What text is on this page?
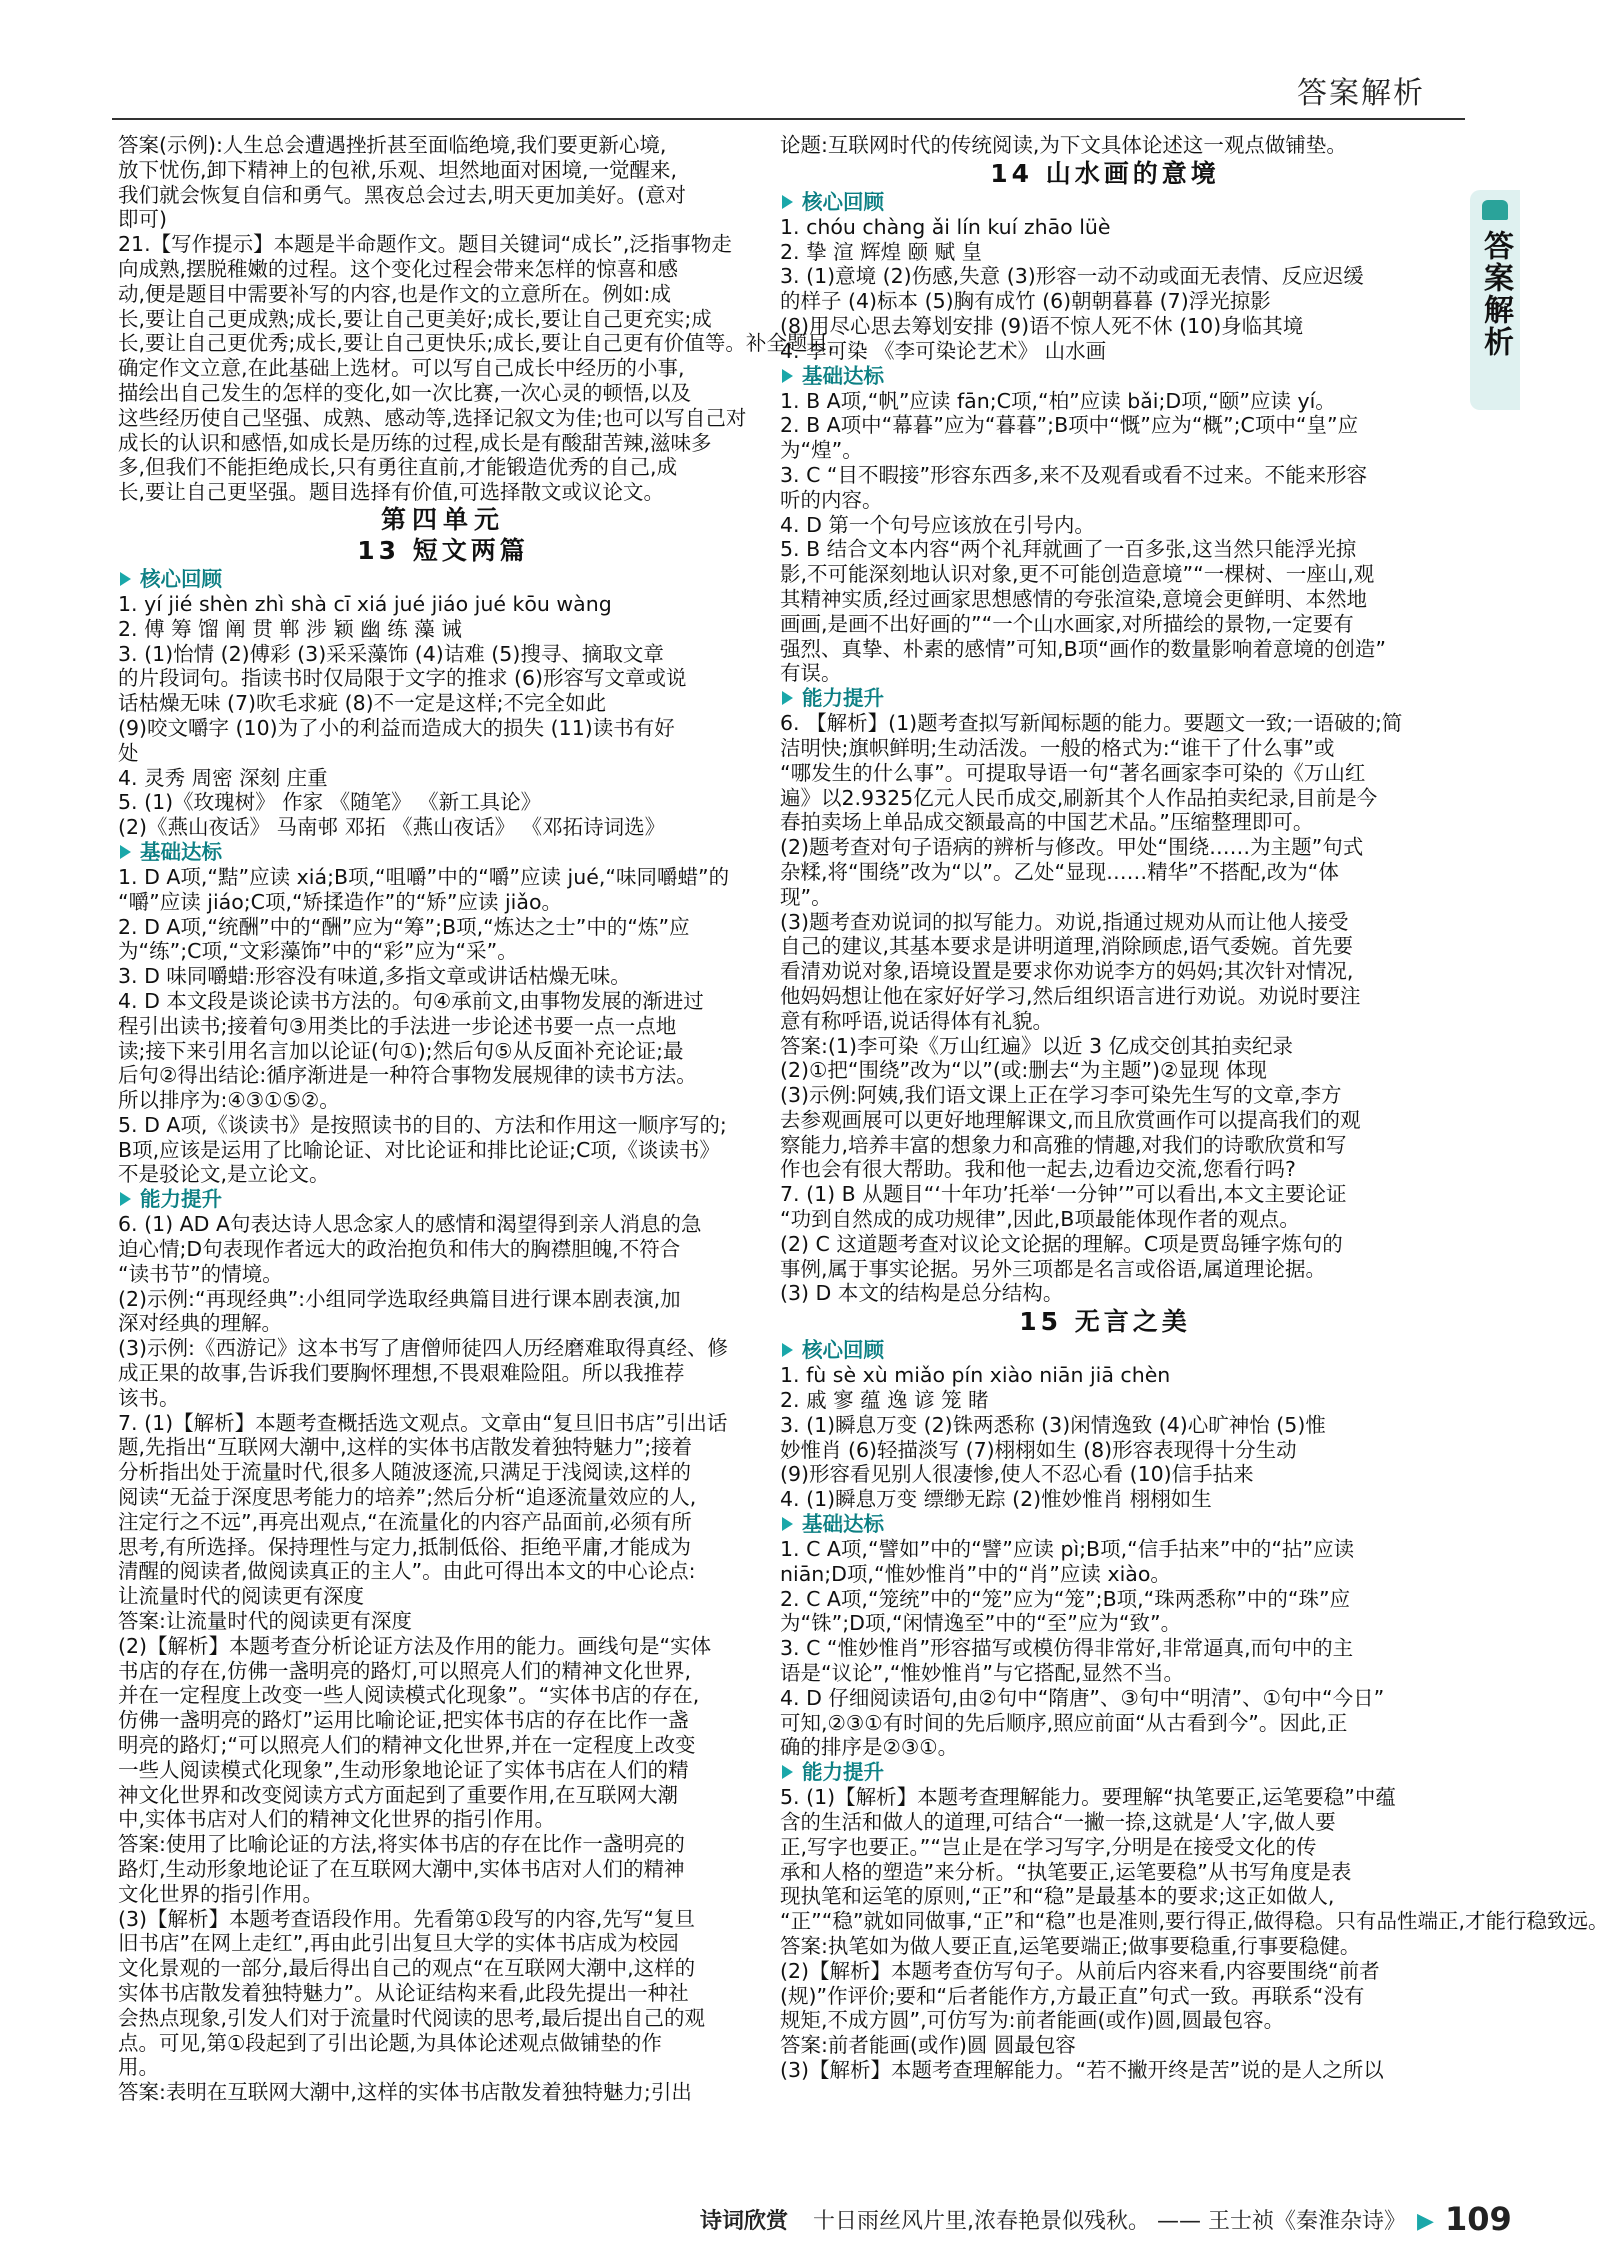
答案解析
答案解析
答案(示例):人生总会遭遇挫折甚至面临绝境,我们要更新心境,
放下忧伤,卸下精神上的包袱,乐观、坦然地面对困境,一觉醒来,
我们就会恢复自信和勇气。黑夜总会过去,明天更加美好。(意对
即可)
21.【写作提示】本题是半命题作文。题目关键词“成长”,泛指事物走
向成熟,摆脱稚嫩的过程。这个变化过程会带来怎样的惊喜和感
动,便是题目中需要补写的内容,也是作文的立意所在。例如:成
长,要让自己更成熟;成长,要让自己更美好;成长,要让自己更充实;成
长,要让自己更优秀;成长,要让自己更快乐;成长,要让自己更有价值等。补全题目,
确定作文立意,在此基础上选材。可以写自己成长中经历的小事,
描绘出自己发生的怎样的变化,如一次比赛,一次心灵的顿悟,以及
这些经历使自己坚强、成熟、感动等,选择记叙文为佳;也可以写自己对
成长的认识和感悟,如成长是历练的过程,成长是有酸甜苦辣,滋味多
多,但我们不能拒绝成长,只有勇往直前,才能锻造优秀的自己,成
长,要让自己更坚强。题目选择有价值,可选择散文或议论文。
第四单元
13 短文两篇
核心回顾
1. yí jié shèn zhì shà cī xiá jué jiáo jué kōu wàng
2. 傅 筹 馏 阐 贯 郸 涉 颖 幽 练 藻 诫
3. (1)怡情 (2)傅彩 (3)采采藻饰 (4)诘难 (5)搜寻、摘取文章
的片段词句。指读书时仅局限于文字的推求 (6)形容写文章或说
话枯燥无味 (7)吹毛求疵 (8)不一定是这样;不完全如此
(9)咬文嚼字 (10)为了小的利益而造成大的损失 (11)读书有好
处
4. 灵秀 周密 深刻 庄重
5. (1)《玫瑰树》 作家 《随笔》 《新工具论》
(2)《燕山夜话》 马南邨 邓拓 《燕山夜话》 《邓拓诗词选》
基础达标
1. D A项,“黠”应读 xiá;B项,“咀嚼”中的“嚼”应读 jué,“味同嚼蜡”的
“嚼”应读 jiáo;C项,“矫揉造作”的“矫”应读 jiǎo。
2. D A项,“统酬”中的“酬”应为“筹”;B项,“炼达之士”中的“炼”应
为“练”;C项,“文彩藻饰”中的“彩”应为“采”。
3. D 味同嚼蜡:形容没有味道,多指文章或讲话枯燥无味。
4. D 本文段是谈论读书方法的。句④承前文,由事物发展的渐进过
程引出读书;接着句③用类比的手法进一步论述书要一点一点地
读;接下来引用名言加以论证(句①);然后句⑤从反面补充论证;最
后句②得出结论:循序渐进是一种符合事物发展规律的读书方法。
所以排序为:④③①⑤②。
5. D A项,《谈读书》是按照读书的目的、方法和作用这一顺序写的;
B项,应该是运用了比喻论证、对比论证和排比论证;C项,《谈读书》
不是驳论文,是立论文。
能力提升
6. (1) AD A句表达诗人思念家人的感情和渴望得到亲人消息的急
迫心情;D句表现作者远大的政治抱负和伟大的胸襟胆魄,不符合
“读书节”的情境。
(2)示例:“再现经典”:小组同学选取经典篇目进行课本剧表演,加
深对经典的理解。
(3)示例:《西游记》这本书写了唐僧师徒四人历经磨难取得真经、修
成正果的故事,告诉我们要胸怀理想,不畏艰难险阻。所以我推荐
该书。
7. (1)【解析】本题考查概括选文观点。文章由“复旦旧书店”引出话
题,先指出“互联网大潮中,这样的实体书店散发着独特魅力”;接着
分析指出处于流量时代,很多人随波逐流,只满足于浅阅读,这样的
阅读“无益于深度思考能力的培养”;然后分析“追逐流量效应的人,
注定行之不远”,再亮出观点,“在流量化的内容产品面前,必须有所
思考,有所选择。保持理性与定力,抵制低俗、拒绝平庸,才能成为
清醒的阅读者,做阅读真正的主人”。由此可得出本文的中心论点:
让流量时代的阅读更有深度
答案:让流量时代的阅读更有深度
(2)【解析】本题考查分析论证方法及作用的能力。画线句是“实体
书店的存在,仿佛一盏明亮的路灯,可以照亮人们的精神文化世界,
并在一定程度上改变一些人阅读模式化现象”。“实体书店的存在,
仿佛一盏明亮的路灯”运用比喻论证,把实体书店的存在比作一盏
明亮的路灯;“可以照亮人们的精神文化世界,并在一定程度上改变
一些人阅读模式化现象”,生动形象地论证了实体书店在人们的精
神文化世界和改变阅读方式方面起到了重要作用,在互联网大潮
中,实体书店对人们的精神文化世界的指引作用。
答案:使用了比喻论证的方法,将实体书店的存在比作一盏明亮的
路灯,生动形象地论证了在互联网大潮中,实体书店对人们的精神
文化世界的指引作用。
(3)【解析】本题考查语段作用。先看第①段写的内容,先写“复旦
旧书店”在网上走红”,再由此引出复旦大学的实体书店成为校园
文化景观的一部分,最后得出自己的观点“在互联网大潮中,这样的
实体书店散发着独特魅力”。从论证结构来看,此段先提出一种社
会热点现象,引发人们对于流量时代阅读的思考,最后提出自己的观
点。可见,第①段起到了引出论题,为具体论述观点做铺垫的作
用。
答案:表明在互联网大潮中,这样的实体书店散发着独特魅力;引出
论题:互联网时代的传统阅读,为下文具体论述这一观点做铺垫。
14 山水画的意境
核心回顾
1. chóu chàng ǎi lín kuí zhāo lüè
2. 挚 渲 辉煌 颐 赋 皇
3. (1)意境 (2)伤感,失意 (3)形容一动不动或面无表情、反应迟缓
的样子 (4)标本 (5)胸有成竹 (6)朝朝暮暮 (7)浮光掠影
(8)用尽心思去筹划安排 (9)语不惊人死不休 (10)身临其境
4. 李可染 《李可染论艺术》 山水画
基础达标
1. B A项,“帆”应读 fān;C项,“柏”应读 bǎi;D项,“颐”应读 yí。
2. B A项中“幕暮”应为“暮暮”;B项中“慨”应为“概”;C项中“皇”应
为“煌”。
3. C “目不暇接”形容东西多,来不及观看或看不过来。不能来形容
听的内容。
4. D 第一个句号应该放在引号内。
5. B 结合文本内容“两个礼拜就画了一百多张,这当然只能浮光掠
影,不可能深刻地认识对象,更不可能创造意境”“一棵树、一座山,观
其精神实质,经过画家思想感情的夸张渲染,意境会更鲜明、本然地
画画,是画不出好画的”“一个山水画家,对所描绘的景物,一定要有
强烈、真挚、朴素的感情”可知,B项“画作的数量影响着意境的创造”
有误。
能力提升
6. 【解析】(1)题考查拟写新闻标题的能力。要题文一致;一语破的;简
洁明快;旗帜鲜明;生动活泼。一般的格式为:“谁干了什么事”或
“哪发生的什么事”。可提取导语一句“著名画家李可染的《万山红
遍》以2.9325亿元人民币成交,刷新其个人作品拍卖纪录,目前是今
春拍卖场上单品成交额最高的中国艺术品。”压缩整理即可。
(2)题考查对句子语病的辨析与修改。甲处“围绕……为主题”句式
杂糅,将“围绕”改为“以”。乙处“显现……精华”不搭配,改为“体
现”。
(3)题考查劝说词的拟写能力。劝说,指通过规劝从而让他人接受
自己的建议,其基本要求是讲明道理,消除顾虑,语气委婉。首先要
看清劝说对象,语境设置是要求你劝说李方的妈妈;其次针对情况,
他妈妈想让他在家好好学习,然后组织语言进行劝说。劝说时要注
意有称呼语,说话得体有礼貌。
答案:(1)李可染《万山红遍》以近 3 亿成交创其拍卖纪录
(2)①把“围绕”改为“以”(或:删去“为主题”)②显现 体现
(3)示例:阿姨,我们语文课上正在学习李可染先生写的文章,李方
去参观画展可以更好地理解课文,而且欣赏画作可以提高我们的观
察能力,培养丰富的想象力和高雅的情趣,对我们的诗歌欣赏和写
作也会有很大帮助。我和他一起去,边看边交流,您看行吗?
7. (1) B 从题目“‘十年功’托举‘一分钟’”可以看出,本文主要论证
“功到自然成的成功规律”,因此,B项最能体现作者的观点。
(2) C 这道题考查对议论文论据的理解。C项是贾岛锤字炼句的
事例,属于事实论据。另外三项都是名言或俗语,属道理论据。
(3) D 本文的结构是总分结构。
15 无言之美
核心回顾
1. fù sè xù miǎo pín xiào niān jiā chèn
2. 戚 寥 蕴 逸 谚 笼 睹
3. (1)瞬息万变 (2)铢两悉称 (3)闲情逸致 (4)心旷神怡 (5)惟
妙惟肖 (6)轻描淡写 (7)栩栩如生 (8)形容表现得十分生动
(9)形容看见别人很凄惨,使人不忍心看 (10)信手拈来
4. (1)瞬息万变 缥缈无踪 (2)惟妙惟肖 栩栩如生
基础达标
1. C A项,“譬如”中的“譬”应读 pì;B项,“信手拈来”中的“拈”应读
niān;D项,“惟妙惟肖”中的“肖”应读 xiào。
2. C A项,“笼统”中的“笼”应为“笼”;B项,“珠两悉称”中的“珠”应
为“铢”;D项,“闲情逸至”中的“至”应为“致”。
3. C “惟妙惟肖”形容描写或模仿得非常好,非常逼真,而句中的主
语是“议论”,“惟妙惟肖”与它搭配,显然不当。
4. D 仔细阅读语句,由②句中“隋唐”、③句中“明清”、①句中“今日”
可知,②③①有时间的先后顺序,照应前面“从古看到今”。因此,正
确的排序是②③①。
能力提升
5. (1)【解析】本题考查理解能力。要理解“执笔要正,运笔要稳”中蕴
含的生活和做人的道理,可结合“一撇一捺,这就是‘人’字,做人要
正,写字也要正。”“岂止是在学习写字,分明是在接受文化的传
承和人格的塑造”来分析。“执笔要正,运笔要稳”从书写角度是表
现执笔和运笔的原则,“正”和“稳”是最基本的要求;这正如做人,
“正”“稳”就如同做事,“正”和“稳”也是准则,要行得正,做得稳。只有品性端正,才能行稳致远。
答案:执笔如为做人要正直,运笔要端正;做事要稳重,行事要稳健。
(2)【解析】本题考查仿写句子。从前后内容来看,内容要围绕“前者
(规)”作评价;要和“后者能作方,方最正直”句式一致。再联系“没有
规矩,不成方圆”,可仿写为:前者能画(或作)圆,圆最包容。
答案:前者能画(或作)圆 圆最包容
(3)【解析】本题考查理解能力。“若不撇开终是苦”说的是人之所以
诗词欣赏 十日雨丝风片里,浓春艳景似残秋。 —— 王士祯《秦淮杂诗》 ▶ 109
